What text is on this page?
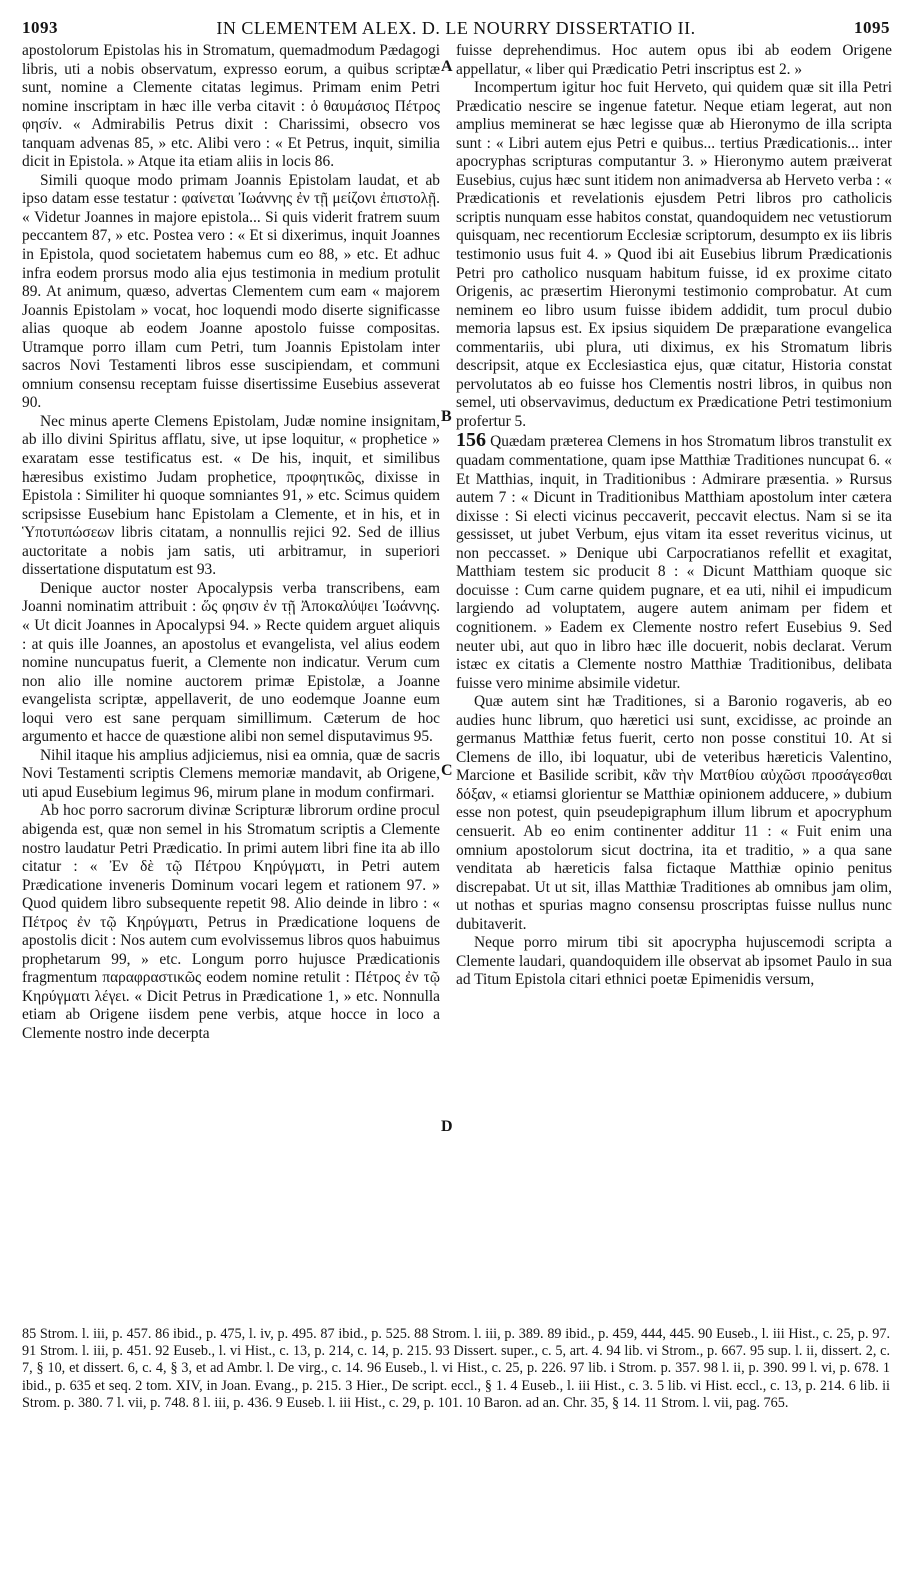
1093	IN CLEMENTEM ALEX. D. LE NOURRY DISSERTATIO II.	1095
A
B
C
D

apostolorum Epistolas his in Stromatum, quemadmodum Pædagogi libris, uti a nobis observatum, expresso eorum, a quibus scriptæ sunt, nomine a Clemente citatas legimus. Primam enim Petri nomine inscriptam in hæc ille verba citavit : ὁ θαυμάσιος Πέτρος φησίν. « Admirabilis Petrus dixit : Charissimi, obsecro vos tanquam advenas 85, » etc. Alibi vero : « Et Petrus, inquit, similia dicit in Epistola. » Atque ita etiam aliis in locis 86.

Simili quoque modo primam Joannis Epistolam laudat, et ab ipso datam esse testatur : φαίνεται Ἰωάννης ἐν τῇ μείζονι ἐπιστολῇ. « Videtur Joannes in majore epistola... Si quis viderit fratrem suum peccantem 87, » etc. Postea vero : « Et si dixerimus, inquit Joannes in Epistola, quod societatem habemus cum eo 88, » etc. Et adhuc infra eodem prorsus modo alia ejus testimonia in medium protulit 89. At animum, quæso, advertas Clementem cum eam « majorem Joannis Epistolam » vocat, hoc loquendi modo diserte significasse alias quoque ab eodem Joanne apostolo fuisse compositas. Utramque porro illam cum Petri, tum Joannis Epistolam inter sacros Novi Testamenti libros esse suscipiendam, et communi omnium consensu receptam fuisse disertissime Eusebius asseverat 90.

Nec minus aperte Clemens Epistolam, Judæ nomine insignitam, ab illo divini Spiritus afflatu, sive, ut ipse loquitur, « prophetice » exaratam esse testificatus est. « De his, inquit, et similibus hæresibus existimo Judam prophetice, προφητικῶς, dixisse in Epistola : Similiter hi quoque somniantes 91, » etc. Scimus quidem scripsisse Eusebium hanc Epistolam a Clemente, et in his, et in Ὑποτυπώσεων libris citatam, a nonnullis rejici 92. Sed de illius auctoritate a nobis jam satis, uti arbitramur, in superiori dissertatione disputatum est 93.

Denique auctor noster Apocalypsis verba transcribens, eam Joanni nominatim attribuit : ὥς φησιν ἐν τῇ Ἀποκαλύψει Ἰωάννης. « Ut dicit Joannes in Apocalypsi 94. » Recte quidem arguet aliquis : at quis ille Joannes, an apostolus et evangelista, vel alius eodem nomine nuncupatus fuerit, a Clemente non indicatur. Verum cum non alio ille nomine auctorem primæ Epistolæ, a Joanne evangelista scriptæ, appellaverit, de uno eodemque Joanne eum loqui vero est sane perquam simillimum. Cæterum de hoc argumento et hacce de quæstione alibi non semel disputavimus 95.

Nihil itaque his amplius adjiciemus, nisi ea omnia, quæ de sacris Novi Testamenti scriptis Clemens memoriæ mandavit, ab Origene, uti apud Eusebium legimus 96, mirum plane in modum confirmari.

Ab hoc porro sacrorum divinæ Scripturæ librorum ordine procul abigenda est, quæ non semel in his Stromatum scriptis a Clemente nostro laudatur Petri Prædicatio. In primi autem libri fine ita ab illo citatur : « Ἐν δὲ τῷ Πέτρου Κηρύγματι, in Petri autem Prædicatione inveneris Dominum vocari legem et rationem 97. » Quod quidem libro subsequente repetit 98. Alio deinde in libro : « Πέτρος ἐν τῷ Κηρύγματι, Petrus in Prædicatione loquens de apostolis dicit : Nos autem cum evolvissemus libros quos habuimus prophetarum 99, » etc. Longum porro hujusce Prædicationis fragmentum παραφραστικῶς eodem nomine retulit : Πέτρος ἐν τῷ Κηρύγματι λέγει. « Dicit Petrus in Prædicatione 1, » etc. Nonnulla etiam ab Origene iisdem pene verbis, atque hocce in loco a Clemente nostro inde decerpta

fuisse deprehendimus. Hoc autem opus ibi ab eodem Origene appellatur, « liber qui Prædicatio Petri inscriptus est 2. »

Incompertum igitur hoc fuit Herveto, qui quidem quæ sit illa Petri Prædicatio nescire se ingenue fatetur. Neque etiam legerat, aut non amplius meminerat se hæc legisse quæ ab Hieronymo de illa scripta sunt : « Libri autem ejus Petri e quibus... tertius Prædicationis... inter apocryphas scripturas computantur 3. » Hieronymo autem præiverat Eusebius, cujus hæc sunt itidem non animadversa ab Herveto verba : « Prædicationis et revelationis ejusdem Petri libros pro catholicis scriptis nunquam esse habitos constat, quandoquidem nec vetustiorum quisquam, nec recentiorum Ecclesiæ scriptorum, desumpto ex iis libris testimonio usus fuit 4. » Quod ibi ait Eusebius librum Prædicationis Petri pro catholico nusquam habitum fuisse, id ex proxime citato Origenis, ac præsertim Hieronymi testimonio comprobatur. At cum neminem eo libro usum fuisse ibidem addidit, tum procul dubio memoria lapsus est. Ex ipsius siquidem De præparatione evangelica commentariis, ubi plura, uti diximus, ex his Stromatum libris descripsit, atque ex Ecclesiastica ejus, quæ citatur, Historia constat pervolutatos ab eo fuisse hos Clementis nostri libros, in quibus non semel, uti observavimus, deductum ex Prædicatione Petri testimonium profertur 5.

156 Quædam præterea Clemens in hos Stromatum libros transtulit ex quadam commentatione, quam ipse Matthiæ Traditiones nuncupat 6. « Et Matthias, inquit, in Traditionibus : Admirare præsentia. » Rursus autem 7 : « Dicunt in Traditionibus Matthiam apostolum inter cætera dixisse : Si electi vicinus peccaverit, peccavit electus. Nam si se ita gessisset, ut jubet Verbum, ejus vitam ita esset reveritus vicinus, ut non peccasset. » Denique ubi Carpocratianos refellit et exagitat, Matthiam testem sic producit 8 : « Dicunt Matthiam quoque sic docuisse : Cum carne quidem pugnare, et ea uti, nihil ei impudicum largiendo ad voluptatem, augere autem animam per fidem et cognitionem. » Eadem ex Clemente nostro refert Eusebius 9. Sed neuter ubi, aut quo in libro hæc ille docuerit, nobis declarat. Verum istæc ex citatis a Clemente nostro Matthiæ Traditionibus, delibata fuisse vero minime absimile videtur.

Quæ autem sint hæ Traditiones, si a Baronio rogaveris, ab eo audies hunc librum, quo hæretici usi sunt, excidisse, ac proinde an germanus Matthiæ fetus fuerit, certo non posse constitui 10. At si Clemens de illo, ibi loquatur, ubi de veteribus hæreticis Valentino, Marcione et Basilide scribit, κἂν τὴν Ματθίου αὐχῶσι προσάγεσθαι δόξαν, « etiamsi glorientur se Matthiæ opinionem adducere, » dubium esse non potest, quin pseudepigraphum illum librum et apocryphum censuerit. Ab eo enim continenter additur 11 : « Fuit enim una omnium apostolorum sicut doctrina, ita et traditio, » a qua sane venditata ab hæreticis falsa fictaque Matthiæ opinio penitus discrepabat. Ut ut sit, illas Matthiæ Traditiones ab omnibus jam olim, ut nothas et spurias magno consensu proscriptas fuisse nullus nunc dubitaverit.

Neque porro mirum tibi sit apocrypha hujuscemodi scripta a Clemente laudari, quandoquidem ille observat ab ipsomet Paulo in sua ad Titum Epistola citari ethnici poetæ Epimenidis versum,

85 Strom. l. iii, p. 457. 86 ibid., p. 475, l. iv, p. 495. 87 ibid., p. 525. 88 Strom. l. iii, p. 389. 89 ibid., p. 459, 444, 445. 90 Euseb., l. iii Hist., c. 25, p. 97. 91 Strom. l. iii, p. 451. 92 Euseb., l. vi Hist., c. 13, p. 214, c. 14, p. 215. 93 Dissert. super., c. 5, art. 4. 94 lib. vi Strom., p. 667. 95 sup. l. ii, dissert. 2, c. 7, § 10, et dissert. 6, c. 4, § 3, et ad Ambr. l. De virg., c. 14. 96 Euseb., l. vi Hist., c. 25, p. 226. 97 lib. i Strom. p. 357. 98 l. ii, p. 390. 99 l. vi, p. 678. 1 ibid., p. 635 et seq. 2 tom. XIV, in Joan. Evang., p. 215. 3 Hier., De script. eccl., § 1. 4 Euseb., l. iii Hist., c. 3. 5 lib. vi Hist. eccl., c. 13, p. 214. 6 lib. ii Strom. p. 380. 7 l. vii, p. 748. 8 l. iii, p. 436. 9 Euseb. l. iii Hist., c. 29, p. 101. 10 Baron. ad an. Chr. 35, § 14. 11 Strom. l. vii, pag. 765.
